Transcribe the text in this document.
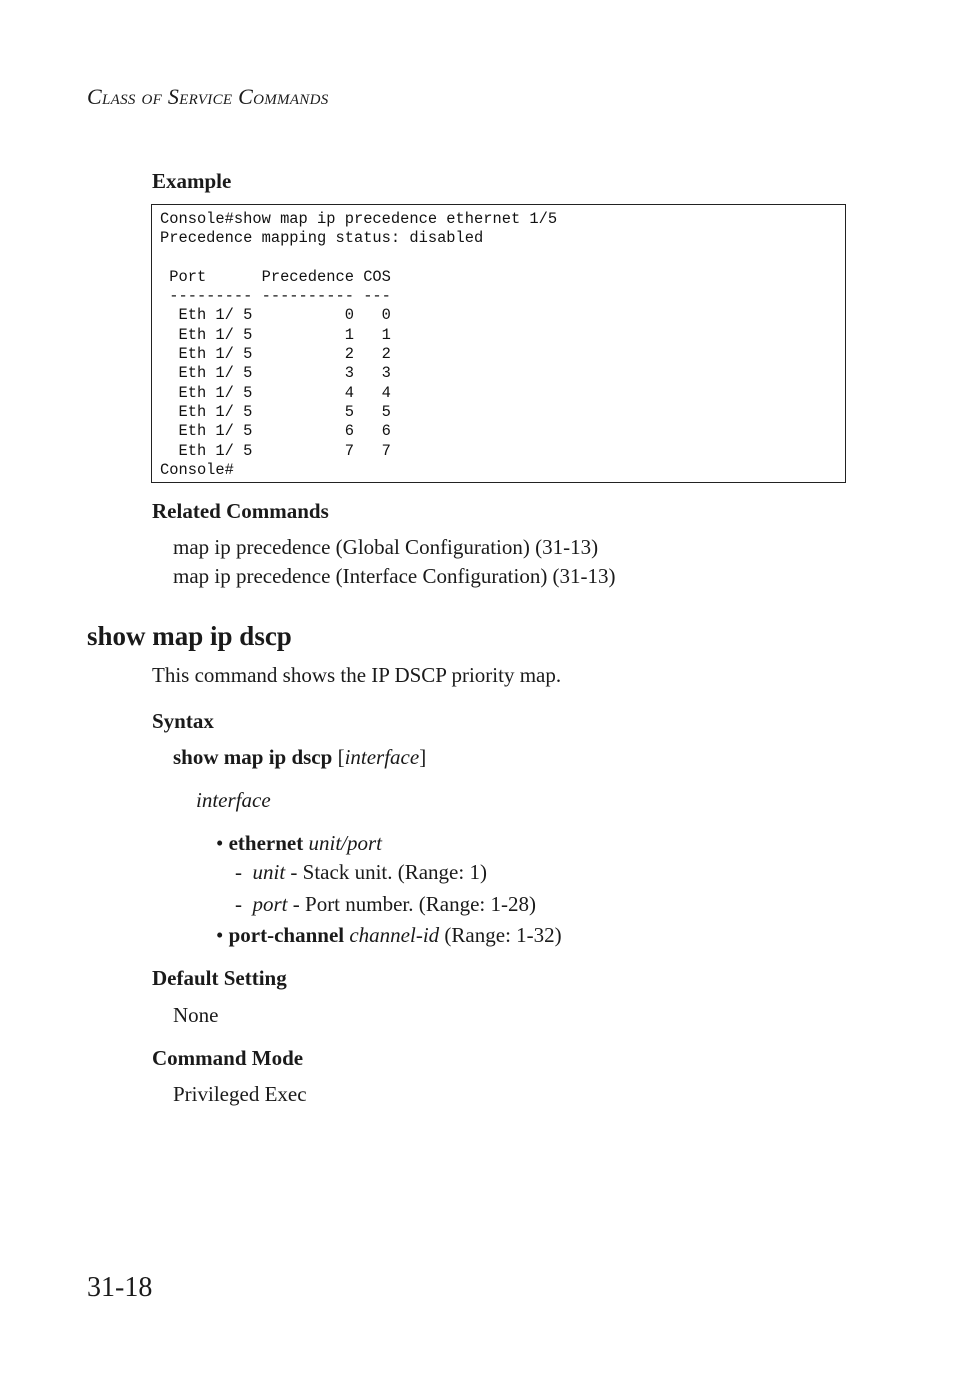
Class of Service Commands
Example
Console#show map ip precedence ethernet 1/5
Precedence mapping status: disabled

Port      Precedence COS
--------- ---------- ---
Eth 1/ 5          0   0
Eth 1/ 5          1   1
Eth 1/ 5          2   2
Eth 1/ 5          3   3
Eth 1/ 5          4   4
Eth 1/ 5          5   5
Eth 1/ 5          6   6
Eth 1/ 5          7   7
Console#
Related Commands
map ip precedence (Global Configuration) (31-13)
map ip precedence (Interface Configuration) (31-13)
show map ip dscp
This command shows the IP DSCP priority map.
Syntax
show map ip dscp [interface]
interface
• ethernet unit/port
- unit - Stack unit. (Range: 1)
- port - Port number. (Range: 1-28)
• port-channel channel-id (Range: 1-32)
Default Setting
None
Command Mode
Privileged Exec
31-18
